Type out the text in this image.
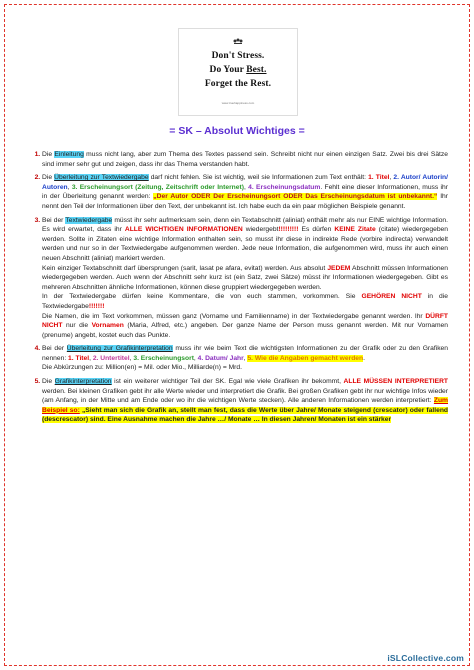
Don't Stress.
Do Your Best.
Forget the Rest.
www.truehappiness.com
= SK – Absolut Wichtiges =
1. Die Einleitung muss nicht lang, aber zum Thema des Textes passend sein. Schreibt nicht nur einen einzigen Satz. Zwei bis drei Sätze sind immer sehr gut und zeigen, dass ihr das Thema verstanden habt.
2. Die Überleitung zur Textwiedergabe darf nicht fehlen. Sie ist wichtig, weil sie Informationen zum Text enthält: 1. Titel, 2. Autor/ Autorin/ Autoren, 3. Erscheinungsort (Zeitung, Zeitschrift oder Internet), 4. Erscheinungsdatum. Fehlt eine dieser Informationen, muss ihr in der Überleitung genannt werden: „Der Autor ODER Der Erscheinungsort ODER Das Erscheinungsdatum ist unbekannt.“ Ihr nennt den Teil der Informationen über den Text, der unbekannt ist. Ich habe euch da ein paar möglichen Beispiele genannt.
3. Bei der Textwiedergabe müsst ihr sehr aufmerksam sein, denn ein Textabschnitt (aliniat) enthält mehr als nur EINE wichtige Information. Es wird erwartet, dass ihr ALLE WICHTIGEN INFORMATIONEN wiedergebt!!!!!!!!! Es dürfen KEINE Zitate (citate) wiedergegeben werden. Sollte in Zitaten eine wichtige Information enthalten sein, so musst ihr diese in indirekte Rede (vorbire indirecta) verwandelt werden und nur so in der Textwiedergabe aufgenommen werden. Jede neue Information, die aufgenommen wird, muss ihr auch einen neuen Abschnitt (aliniat) markiert werden.

Kein einziger Textabschnitt darf übersprungen (sarit, lasat pe afara, evitat) werden. Aus absolut JEDEM Abschnitt müssen Informationen wiedergegeben werden. Auch wenn der Abschnitt sehr kurz ist (ein Satz, zwei Sätze) müsst ihr Informationen wiedergegeben. Gibt es mehreren Abschnitten ähnliche Informationen, können diese gruppiert wiedergegeben werden.

In der Textwiedergabe dürfen keine Kommentare, die von euch stammen, vorkommen. Sie GEHÖREN NICHT in die Textwiedergabe!!!!!!!

Die Namen, die im Text vorkommen, müssen ganz (Vorname und Familienname) in der Textwiedergabe genannt werden. Ihr DÜRFT NICHT nur die Vornamen (Maria, Alfred, etc.) angeben. Der ganze Name der Person muss genannt werden. Mit nur Vornamen (prenume) angebt, kostet euch das Punkte.

4. Bei der Überleitung zur Grafikinterpretation muss ihr wie beim Text die wichtigsten Informationen zu der Grafik oder zu den Grafiken nennen: 1. Titel, 2. Untertitel, 3. Erscheinungsort, 4. Datum/ Jahr, 5. Wie die Angaben gemacht werden.

Die Abkürzungen zu: Million(en) = Mil. oder Mio., Milliarde(n) = Mrd.

5. Die Grafikinterpretation ist ein weiterer wichtiger Teil der SK. Egal wie viele Grafiken ihr bekommt, ALLE MÜSSEN INTERPRETIERT werden. Bei kleinen Grafiken gebt ihr alle Werte wieder und interpretiert die Grafik. Bei großen Grafiken gebt ihr nur wichtige Infos wieder (am Anfang, in der Mitte und am Ende oder wo ihr die wichtigen Werte stecken). Alle anderen Informationen werden interpretiert: Zum Beispiel so: „Sieht man sich die Grafik an, stellt man fest, dass die Werte über Jahre/ Monate steigend (crescator) oder fallend (descrescator) sind. Eine Ausnahme machen die Jahre …/ Monate … In diesen Jahren/ Monaten ist ein stärker
iSLCollective.com
